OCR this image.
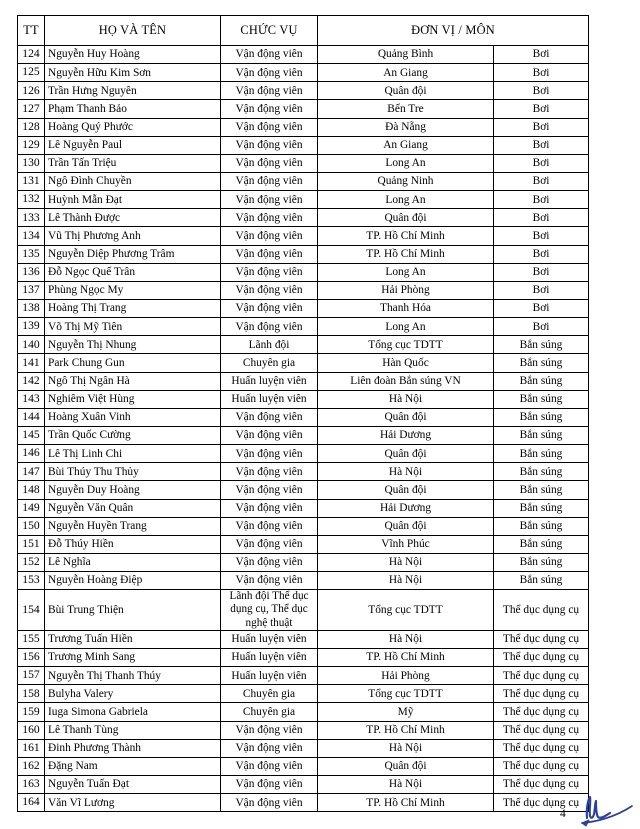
TT	HỌ VÀ TÊN	CHỨC VỤ	ĐƠN VỊ / MÔN	
124	Nguyễn Huy Hoàng	Vận động viên	Quảng Bình	Bơi
125	Nguyễn Hữu Kim Sơn	Vận động viên	An Giang	Bơi
126	Trần Hưng Nguyên	Vận động viên	Quân đội	Bơi
127	Phạm Thanh Bảo	Vận động viên	Bến Tre	Bơi
128	Hoàng Quý Phước	Vận động viên	Đà Nẵng	Bơi
129	Lê Nguyễn Paul	Vận động viên	An Giang	Bơi
130	Trần Tấn Triệu	Vận động viên	Long An	Bơi
131	Ngô Đình Chuyền	Vận động viên	Quảng Ninh	Bơi
132	Huỳnh Mẫn Đạt	Vận động viên	Long An	Bơi
133	Lê Thành Được	Vận động viên	Quân đội	Bơi
134	Vũ Thị Phương Anh	Vận động viên	TP. Hồ Chí Minh	Bơi
135	Nguyễn Diệp Phương Trâm	Vận động viên	TP. Hồ Chí Minh	Bơi
136	Đỗ Ngọc Quế Trân	Vận động viên	Long An	Bơi
137	Phùng Ngọc My	Vận động viên	Hải Phòng	Bơi
138	Hoàng Thị Trang	Vận động viên	Thanh Hóa	Bơi
139	Võ Thị Mỹ Tiên	Vận động viên	Long An	Bơi
140	Nguyễn Thị Nhung	Lãnh đội	Tổng cục TDTT	Bắn súng
141	Park Chung Gun	Chuyên gia	Hàn Quốc	Bắn súng
142	Ngô Thị Ngân Hà	Huấn luyện viên	Liên đoàn Bắn súng VN	Bắn súng
143	Nghiêm Việt Hùng	Huấn luyện viên	Hà Nội	Bắn súng
144	Hoàng Xuân Vinh	Vận động viên	Quân đội	Bắn súng
145	Trần Quốc Cường	Vận động viên	Hải Dương	Bắn súng
146	Lê Thị Linh Chi	Vận động viên	Quân đội	Bắn súng
147	Bùi Thúy Thu Thủy	Vận động viên	Hà Nội	Bắn súng
148	Nguyễn Duy Hoàng	Vận động viên	Quân đội	Bắn súng
149	Nguyễn Văn Quân	Vận động viên	Hải Dương	Bắn súng
150	Nguyễn Huyền Trang	Vận động viên	Quân đội	Bắn súng
151	Đỗ Thúy Hiền	Vận động viên	Vĩnh Phúc	Bắn súng
152	Lê Nghĩa	Vận động viên	Hà Nội	Bắn súng
153	Nguyễn Hoàng Điệp	Vận động viên	Hà Nội	Bắn súng
154	Bùi Trung Thiện	Lãnh đội Thể dục dụng cụ, Thể dục nghệ thuật	Tổng cục TDTT	Thể dục dụng cụ
155	Trương Tuấn Hiền	Huấn luyện viên	Hà Nội	Thể dục dụng cụ
156	Trương Minh Sang	Huấn luyện viên	TP. Hồ Chí Minh	Thể dục dụng cụ
157	Nguyễn Thị Thanh Thúy	Huấn luyện viên	Hải Phòng	Thể dục dụng cụ
158	Bulyha Valery	Chuyên gia	Tổng cục TDTT	Thể dục dụng cụ
159	Iuga Simona Gabriela	Chuyên gia	Mỹ	Thể dục dụng cụ
160	Lê Thanh Tùng	Vận động viên	TP. Hồ Chí Minh	Thể dục dụng cụ
161	Đinh Phương Thành	Vận động viên	Hà Nội	Thể dục dụng cụ
162	Đặng Nam	Vận động viên	Quân đội	Thể dục dụng cụ
163	Nguyễn Tuấn Đạt	Vận động viên	Hà Nội	Thể dục dụng cụ
164	Văn Vĩ Lương	Vận động viên	TP. Hồ Chí Minh	Thể dục dụng cụ
4
